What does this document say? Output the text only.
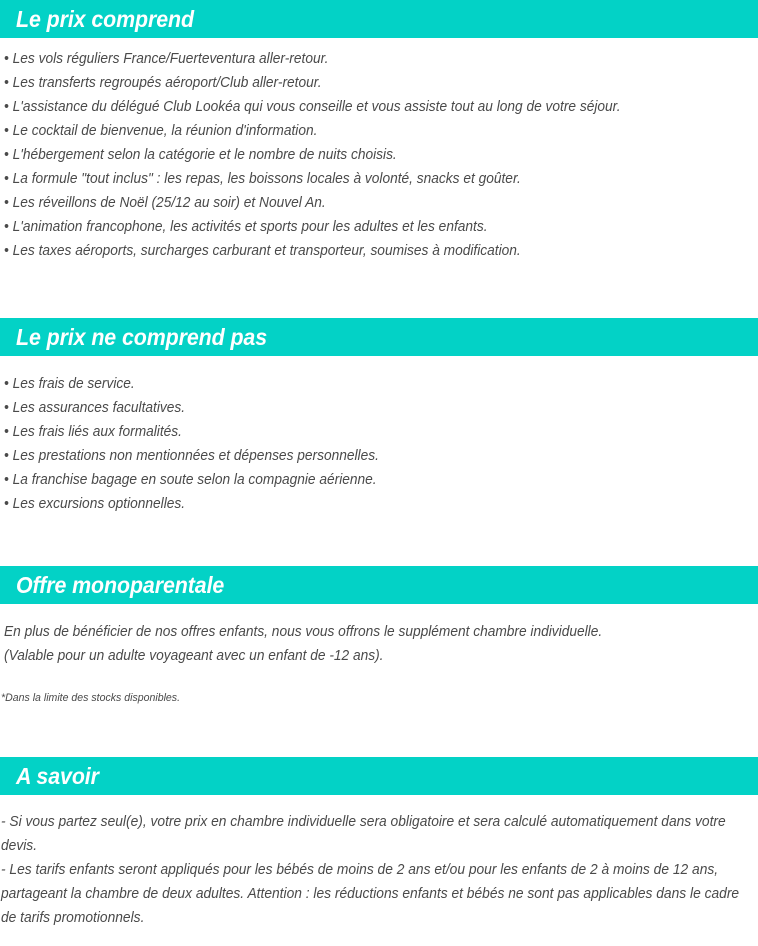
Le prix comprend
• Les vols réguliers France/Fuerteventura aller-retour.
• Les transferts regroupés aéroport/Club aller-retour.
• L'assistance du délégué Club Lookéa qui vous conseille et vous assiste tout au long de votre séjour.
• Le cocktail de bienvenue, la réunion d'information.
• L'hébergement selon la catégorie et le nombre de nuits choisis.
• La formule "tout inclus" : les repas, les boissons locales à volonté, snacks et goûter.
• Les réveillons de Noël (25/12 au soir) et Nouvel An.
• L'animation francophone, les activités et sports pour les adultes et les enfants.
• Les taxes aéroports, surcharges carburant et transporteur, soumises à modification.
Le prix ne comprend pas
• Les frais de service.
• Les assurances facultatives.
• Les frais liés aux formalités.
• Les prestations non mentionnées et dépenses personnelles.
• La franchise bagage en soute selon la compagnie aérienne.
• Les excursions optionnelles.
Offre monoparentale

En plus de bénéficier de nos offres enfants, nous vous offrons le supplément chambre individuelle.

(Valable pour un adulte voyageant avec un enfant de -12 ans).

*Dans la limite des stocks disponibles.

A savoir

- Si vous partez seul(e), votre prix en chambre individuelle sera obligatoire et sera calculé automatiquement dans votre devis.

- Les tarifs enfants seront appliqués pour les bébés de moins de 2 ans et/ou pour les enfants de 2 à moins de 12 ans, partageant la chambre de deux adultes. Attention : les réductions enfants et bébés ne sont pas applicables dans le cadre de tarifs promotionnels.
